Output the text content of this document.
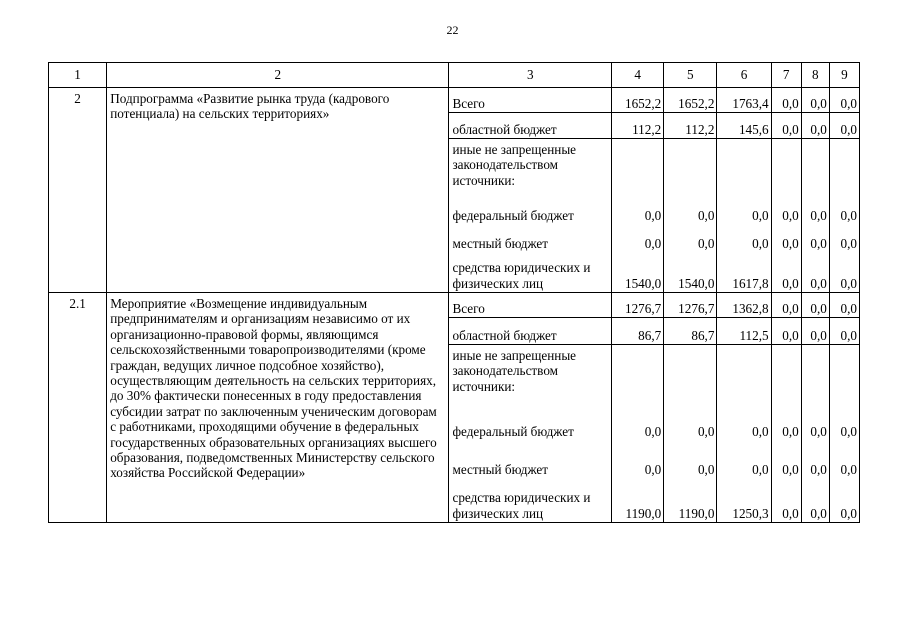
22
1	2	3	4	5	6	7	8	9
2	Подпрограмма «Развитие рынка труда (кадрового потенциала) на сельских территориях»	Всего	1652,2	1652,2	1763,4	0,0	0,0	0,0
		областной бюджет	112,2	112,2	145,6	0,0	0,0	0,0
		иные не запрещенные законодательством источники:						
		федеральный бюджет	0,0	0,0	0,0	0,0	0,0	0,0
		местный бюджет	0,0	0,0	0,0	0,0	0,0	0,0
		средства юридических и физических лиц	1540,0	1540,0	1617,8	0,0	0,0	0,0
2.1	Мероприятие «Возмещение индивидуальным предпринимателям и организациям независимо от их организационно-правовой формы, являющимся сельскохозяйственными товаропроизводителями (кроме граждан, ведущих личное подсобное хозяйство), осуществляющим деятельность на сельских территориях, до 30% фактически понесенных в году предоставления субсидии затрат по заключенным ученическим договорам с работниками, проходящими обучение в федеральных государственных образовательных организациях высшего образования, подведомственных Министерству сельского хозяйства Российской Федерации»	Всего	1276,7	1276,7	1362,8	0,0	0,0	0,0
		областной бюджет	86,7	86,7	112,5	0,0	0,0	0,0
		иные не запрещенные законодательством источники:						
		федеральный бюджет	0,0	0,0	0,0	0,0	0,0	0,0
		местный бюджет	0,0	0,0	0,0	0,0	0,0	0,0
		средства юридических и физических лиц	1190,0	1190,0	1250,3	0,0	0,0	0,0
